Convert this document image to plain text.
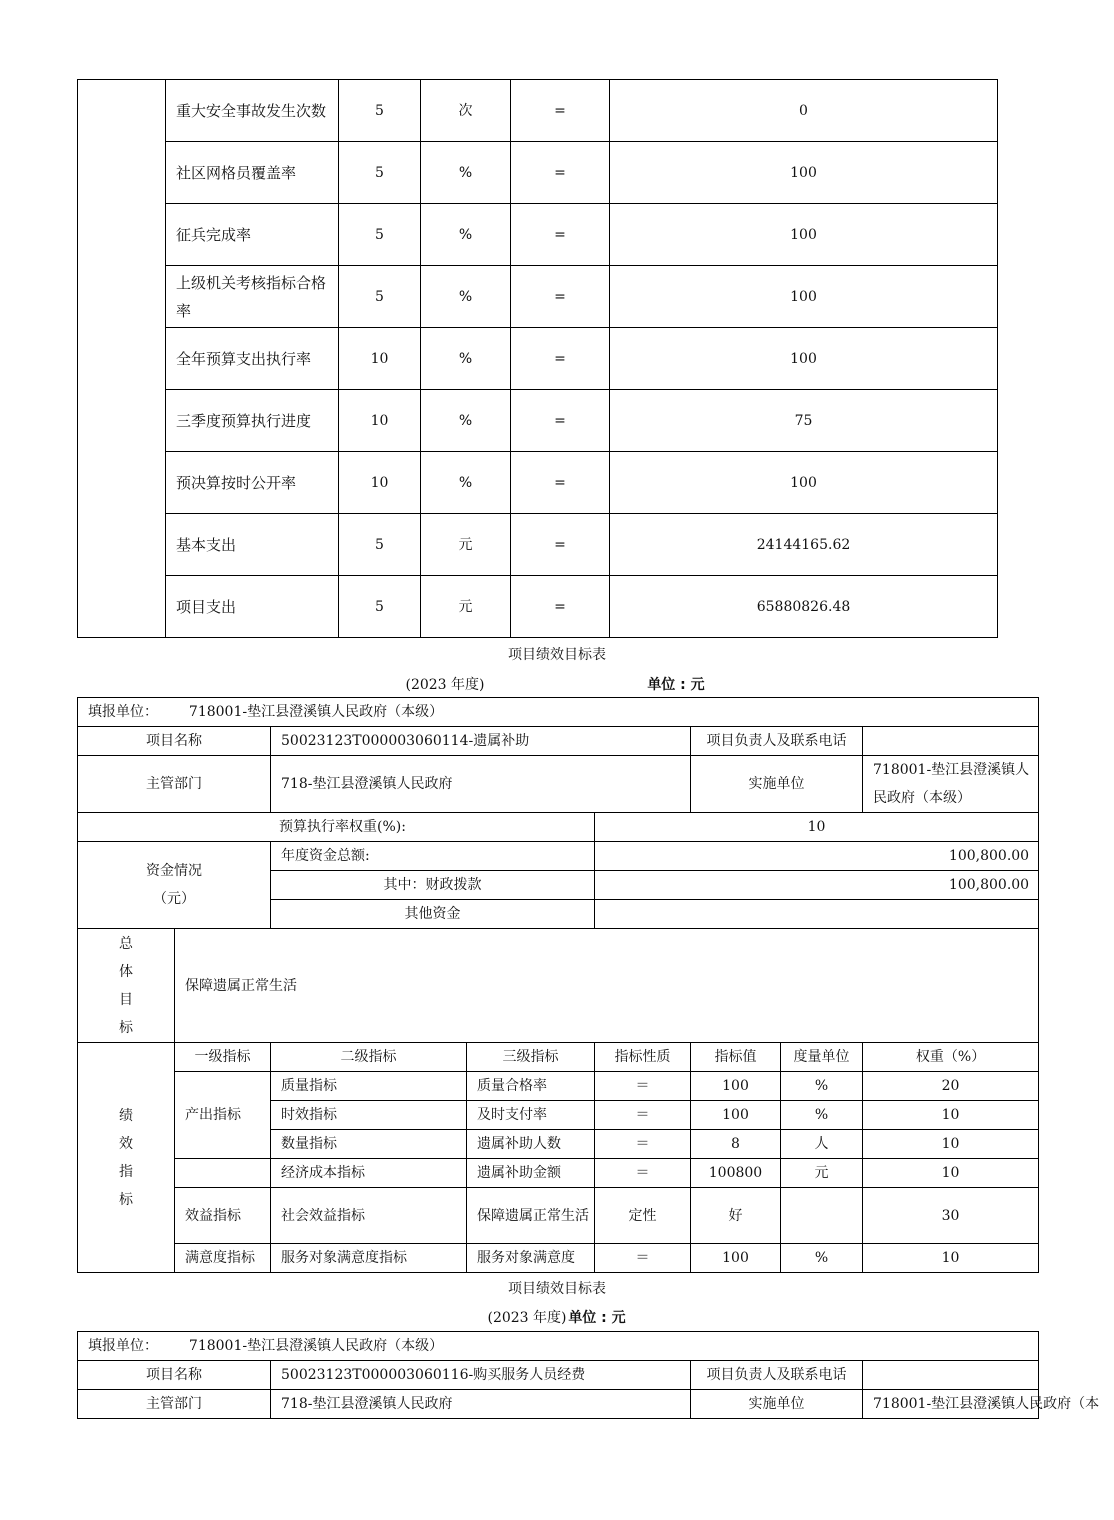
	重大安全事故发生次数	5	次	=	0
	社区网格员覆盖率	5	%	=	100
	征兵完成率	5	%	=	100
	上级机关考核指标合格率	5	%	=	100
	全年预算支出执行率	10	%	=	100
	三季度预算执行进度	10	%	=	75
	预决算按时公开率	10	%	=	100
	基本支出	5	元	=	24144165.62
	项目支出	5	元	=	65880826.48
项目绩效目标表
(2023 年度)	单位 : 元
填报单位： 718001-垫江县澄溪镇人民政府（本级）							
项目名称		50023123T000003060114-遗属补助			项目负责人及联系电话		
主管部门		718-垫江县澄溪镇人民政府			实施单位		718001-垫江县澄溪镇人民政府（本级）
预算执行率权重(%):				10			

资金情况
（元）		年度资金总额:		100,800.00			
		其中：财政拨款		100,800.00			
		其他资金					

总
体
目
标	保障遗属正常生活						

绩
效
指
标	一级指标	二级指标	三级指标	指标性质	指标值	度量单位	权重（%）
	产出指标	质量指标	质量合格率	＝	100	%	20
		时效指标	及时支付率	＝	100	%	10
		数量指标	遗属补助人数	＝	8	人	10
		经济成本指标	遗属补助金额	＝	100800	元	10
	效益指标	社会效益指标	保障遗属正常生活	定性	好		30
	满意度指标	服务对象满意度指标	服务对象满意度	＝	100	%	10
项目绩效目标表
(2023 年度) 单位 : 元
填报单位： 718001-垫江县澄溪镇人民政府（本级）			
项目名称	50023123T000003060116-购买服务人员经费	项目负责人及联系电话	
主管部门	718-垫江县澄溪镇人民政府	实施单位	718001-垫江县澄溪镇人民政府（本
